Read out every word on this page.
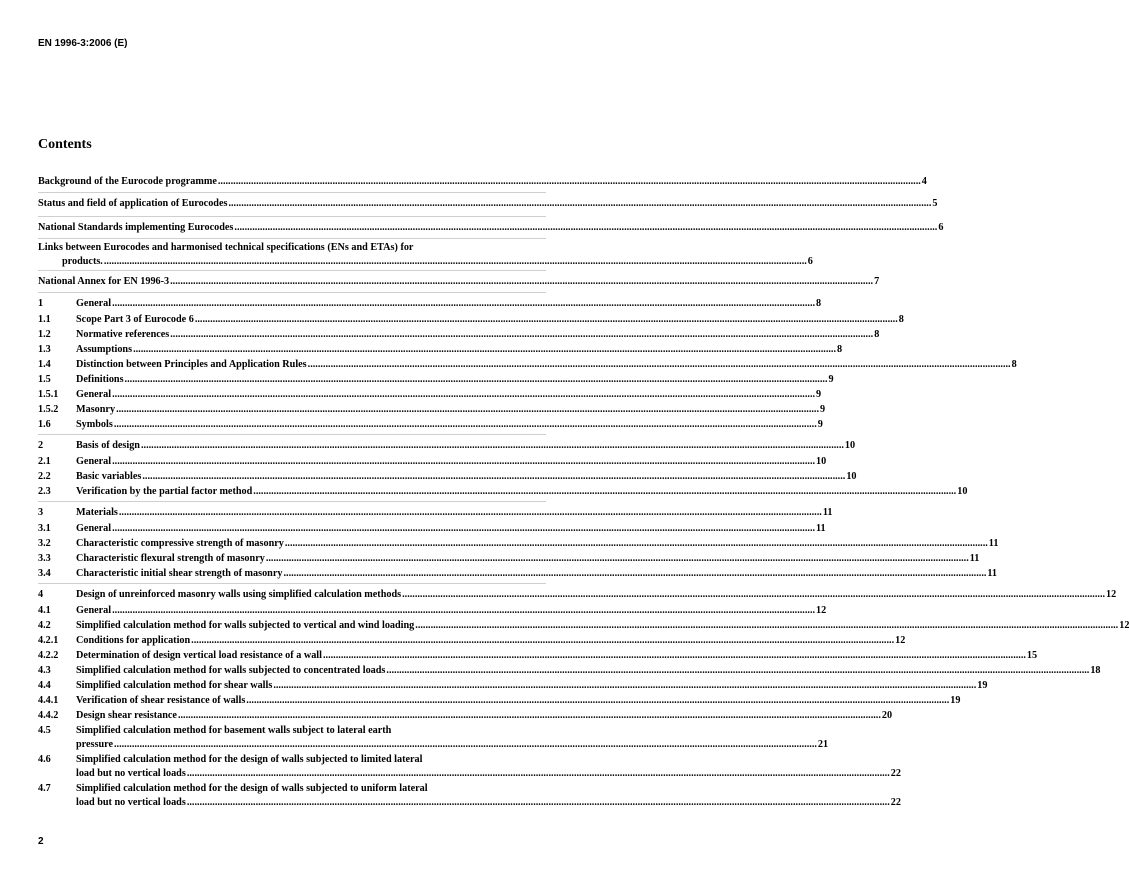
EN 1996-3:2006 (E)
Contents
Background of the Eurocode programme .....	4
Status and field of application of Eurocodes .....	5
National Standards implementing Eurocodes .....	6
Links between Eurocodes and harmonised technical specifications (ENs and ETAs) for
products. .....	6
National Annex for EN 1996-3 .....	7
1	General .....	8
1.1	Scope Part 3 of Eurocode 6 .....	8
1.2	Normative references .....	8
1.3	Assumptions .....	8
1.4	Distinction between Principles and Application Rules .....	8
1.5	Definitions .....	9
1.5.1	General .....	9
1.5.2	Masonry .....	9
1.6	Symbols .....	9
2	Basis of design .....	10
2.1	General .....	10
2.2	Basic variables .....	10
2.3	Verification by the partial factor method .....	10
3	Materials .....	11
3.1	General .....	11
3.2	Characteristic compressive strength of masonry .....	11
3.3	Characteristic flexural strength of masonry .....	11
3.4	Characteristic initial shear strength of masonry .....	11
4	Design of unreinforced masonry walls using simplified calculation methods .....	12
4.1	General .....	12
4.2	Simplified calculation method for walls subjected to vertical and wind loading .....	12
4.2.1	Conditions for application .....	12
4.2.2	Determination of design vertical load resistance of a wall .....	15
4.3	Simplified calculation method for walls subjected to concentrated loads .....	18
4.4	Simplified calculation method for shear walls .....	19
4.4.1	Verification of shear resistance of walls .....	19
4.4.2	Design shear resistance .....	20
4.5	Simplified calculation method for basement walls subject to lateral earth
pressure .....	21
4.6	Simplified calculation method for the design of walls subjected to limited lateral
load but no vertical loads .....	22
4.7	Simplified calculation method for the design of walls subjected to uniform lateral
load but no vertical loads .....	22
2
